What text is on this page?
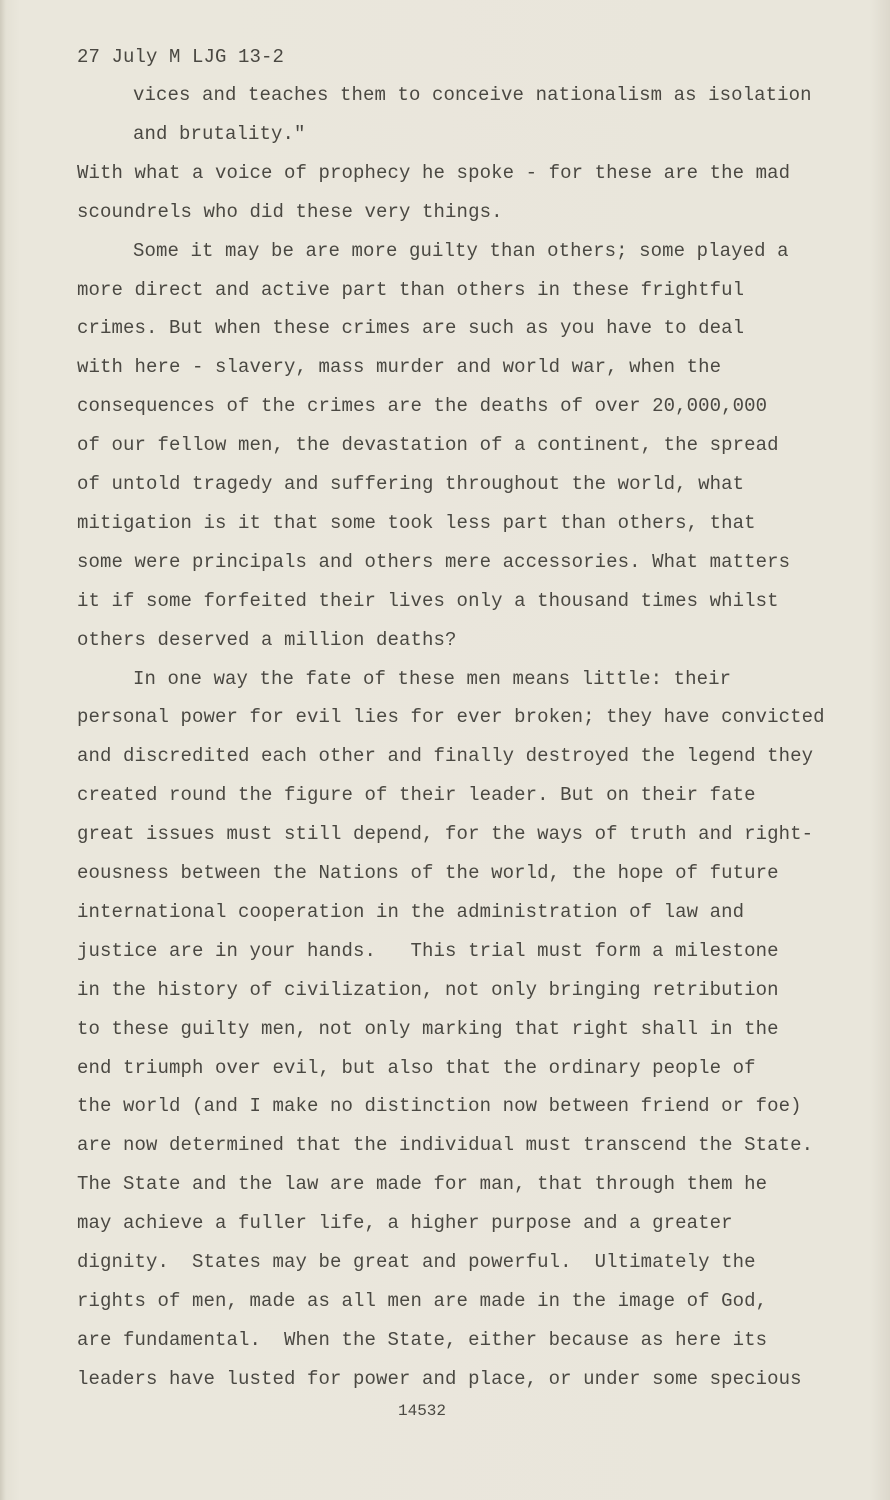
27 July M LJG 13-2
vices and teaches them to conceive nationalism as isolation
and brutality."
With what a voice of prophecy he spoke - for these are the mad
scoundrels who did these very things.
Some it may be are more guilty than others; some played a
more direct and active part than others in these frightful
crimes. But when these crimes are such as you have to deal
with here - slavery, mass murder and world war, when the
consequences of the crimes are the deaths of over 20,000,000
of our fellow men, the devastation of a continent, the spread
of untold tragedy and suffering throughout the world, what
mitigation is it that some took less part than others, that
some were principals and others mere accessories. What matters
it if some forfeited their lives only a thousand times whilst
others deserved a million deaths?
In one way the fate of these men means little: their
personal power for evil lies for ever broken; they have convicted
and discredited each other and finally destroyed the legend they
created round the figure of their leader. But on their fate
great issues must still depend, for the ways of truth and right-
eousness between the Nations of the world, the hope of future
international cooperation in the administration of law and
justice are in your hands.   This trial must form a milestone
in the history of civilization, not only bringing retribution
to these guilty men, not only marking that right shall in the
end triumph over evil, but also that the ordinary people of
the world (and I make no distinction now between friend or foe)
are now determined that the individual must transcend the State.
The State and the law are made for man, that through them he
may achieve a fuller life, a higher purpose and a greater
dignity.  States may be great and powerful.  Ultimately the
rights of men, made as all men are made in the image of God,
are fundamental.  When the State, either because as here its
leaders have lusted for power and place, or under some specious
14532
